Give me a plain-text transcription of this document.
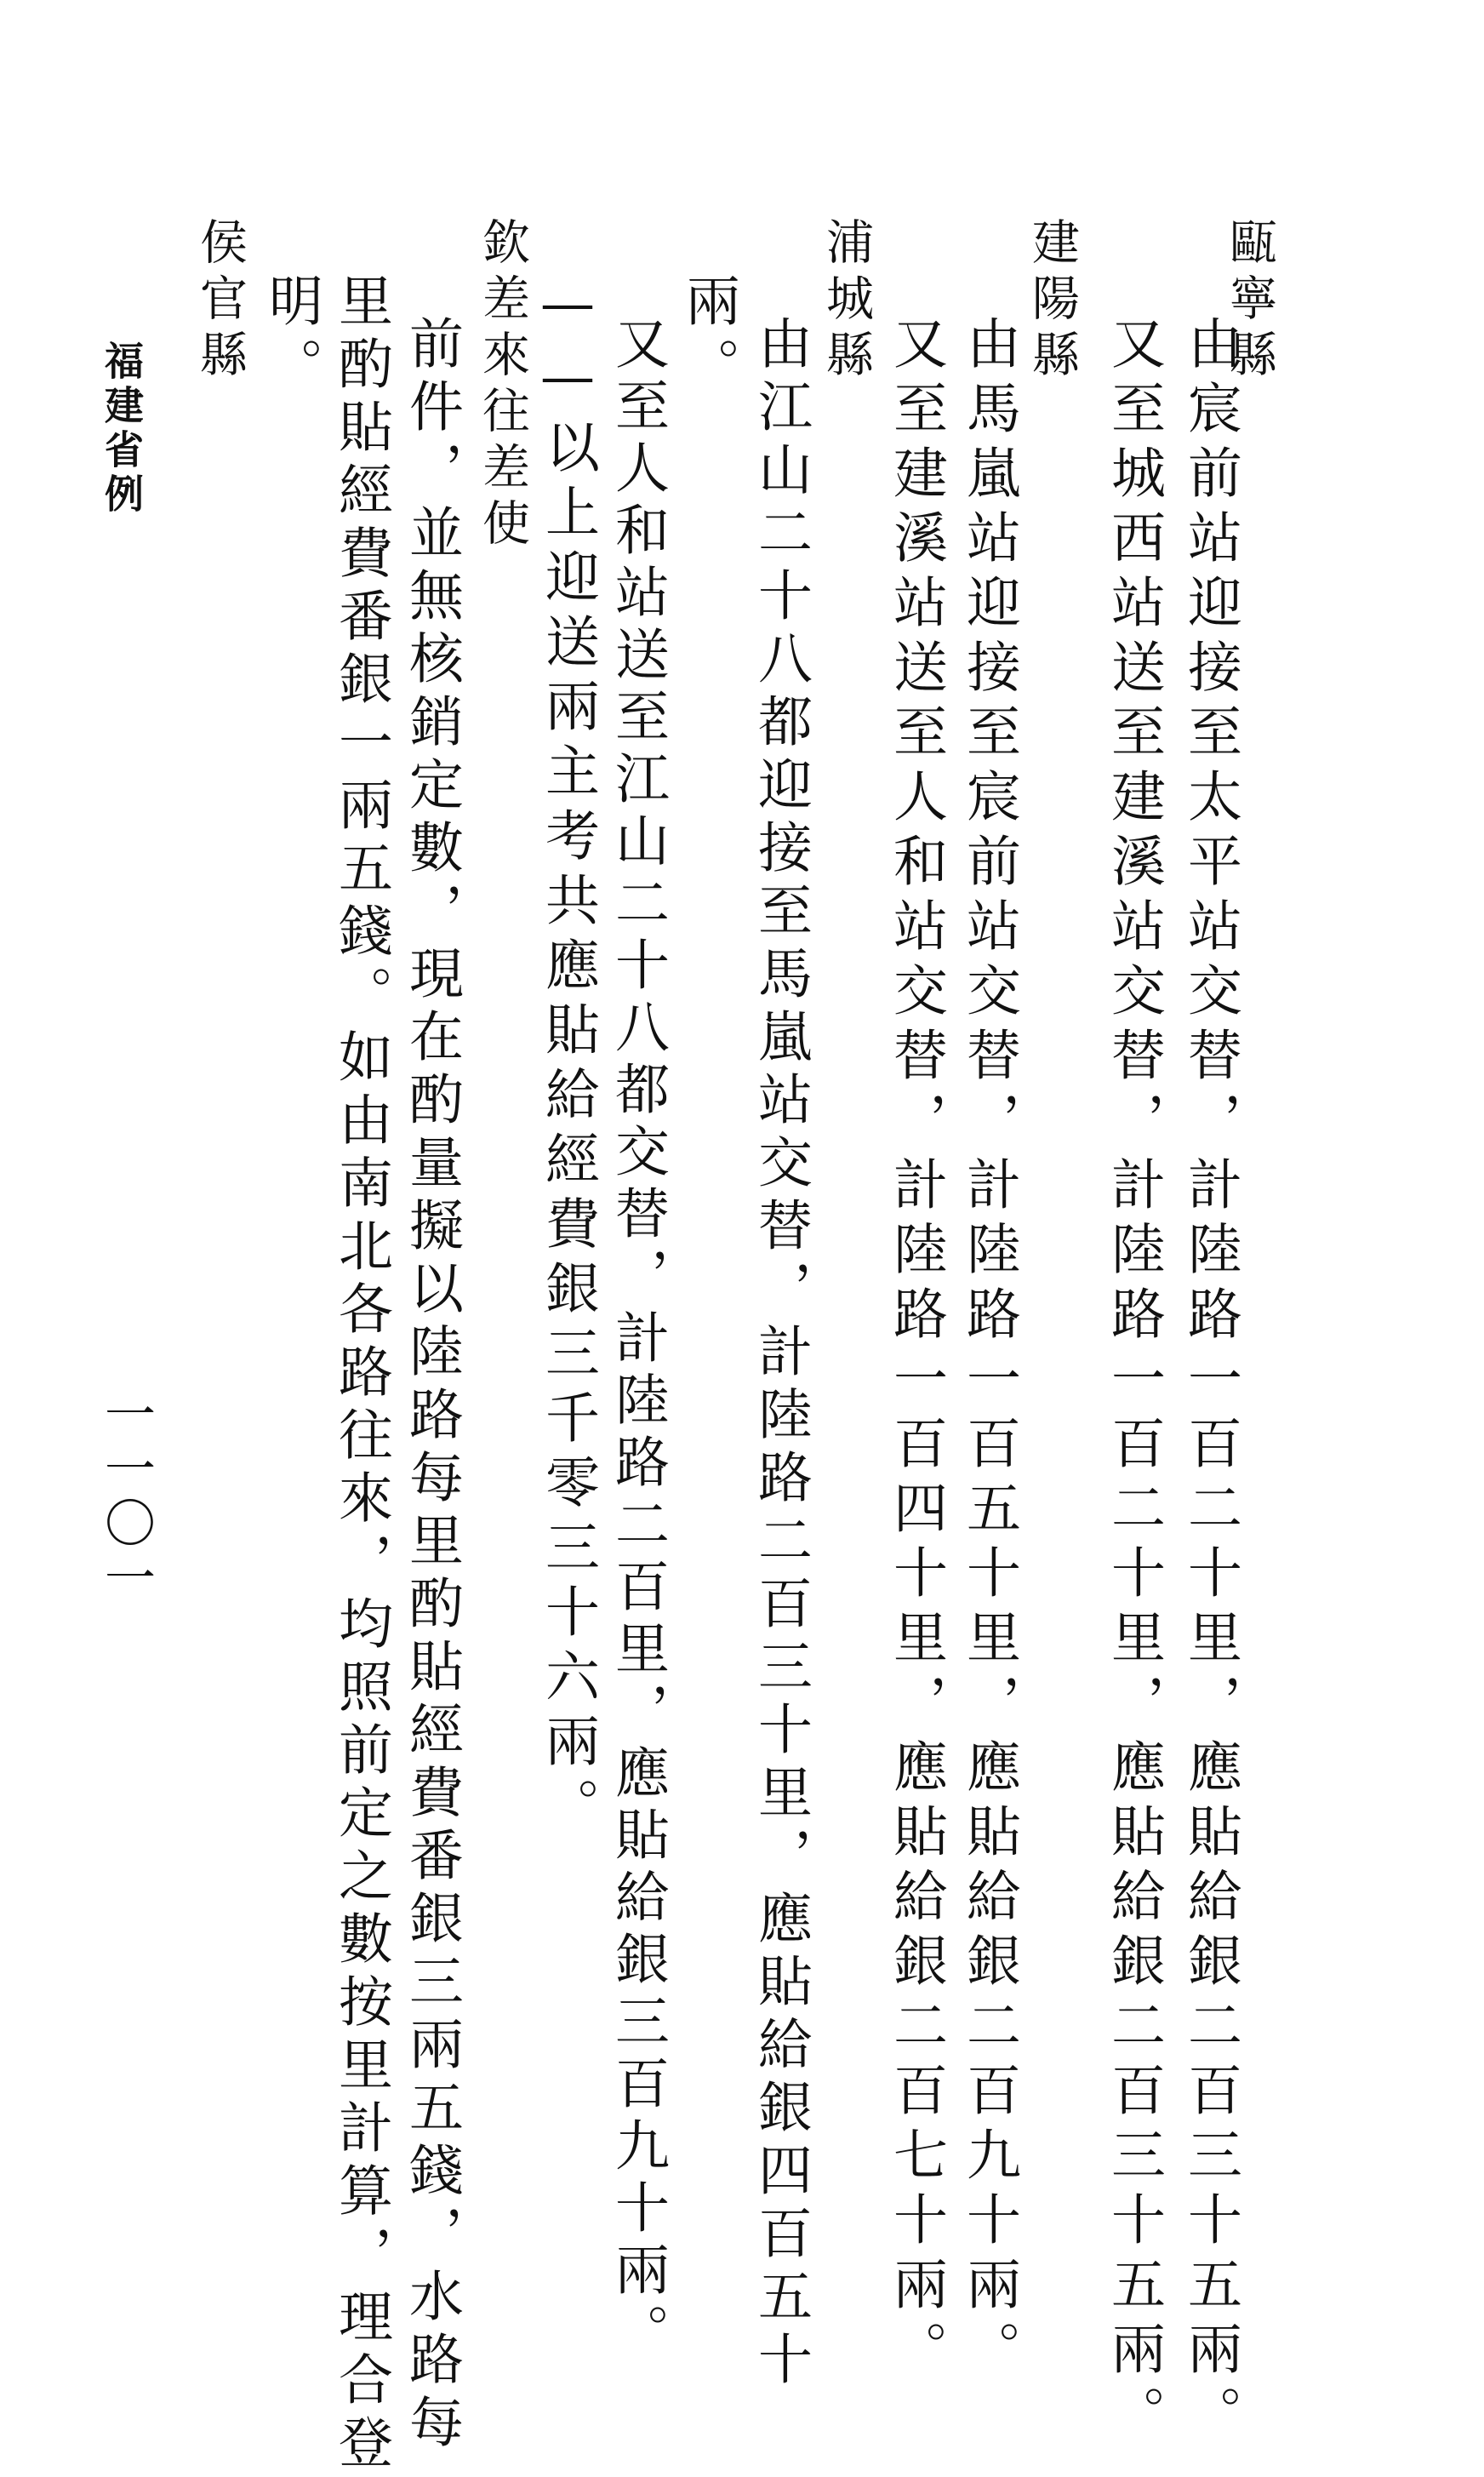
甌寧縣
由宸前站迎接至太平站交替，計陸路一百二十里，應貼給銀二百三十五兩。
又至城西站送至建溪站交替，計陸路一百二十里，應貼給銀二百三十五兩。
建陽縣
由馬嵐站迎接至宸前站交替，計陸路一百五十里，應貼給銀二百九十兩。
又至建溪站送至人和站交替，計陸路一百四十里，應貼給銀二百七十兩。
浦城縣
由江山二十八都迎接至馬嵐站交替，計陸路二百三十里，應貼給銀四百五十
兩。
又至人和站送至江山二十八都交替，計陸路二百里，應貼給銀三百九十兩。
——以上迎送兩主考共應貼給經費銀三千零三十六兩。
欽差來往差使
前件，並無核銷定數，現在酌量擬以陸路每里酌貼經費番銀三兩五錢，水路每
里酌貼經費番銀一兩五錢。如由南北各路往來，均照前定之數按里計算，理合登
明。
侯官縣
福建省例
一一〇一
